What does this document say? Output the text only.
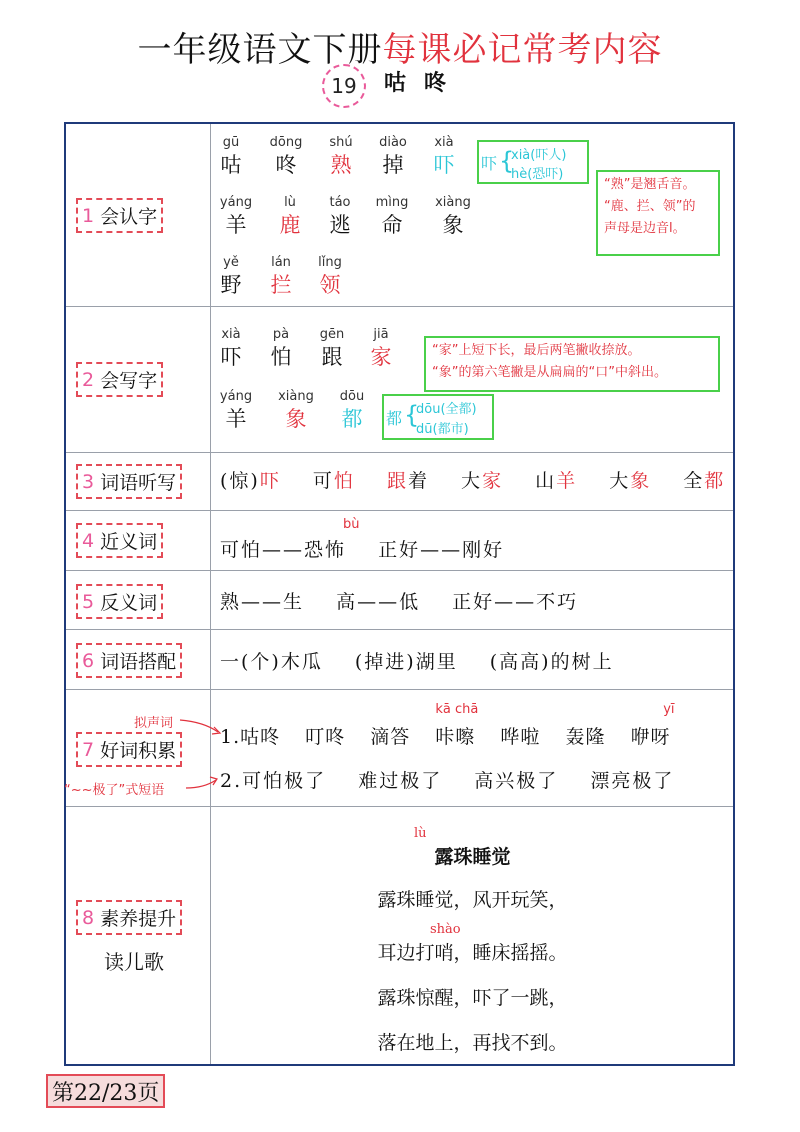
一年级语文下册每课必记常考内容
19	咕咚
1 会认字
2 会写字
3 词语听写
4 近义词
5 反义词
6 词语搭配
7 好词积累
8 素养提升
读儿歌
gū
咕
dōng
咚
shú
熟
diào
掉
xià
吓
yáng
羊
lù
鹿
táo
逃
mìng
命
xiàng
象
yě
野
lán
拦
lǐng
领
吓 {
xià(吓人)
hè(恐吓)
“熟”是翘舌音。
“鹿、拦、领”的
声母是边音l。
xià
吓
pà
怕
gēn
跟
jiā
家
yáng
羊
xiàng
象
dōu
都	都 {
dōu(全都)
dū(都市)
“家”上短下长，最后两笔撇收捺放。
“象”的第六笔撇是从扁扁的“口”中斜出。
(惊)吓 可怕 跟着 大家 山羊 大象 全都
bù
可怕——恐怖 正好——刚好
熟——生 高——低 正好——不巧
一(个)木瓜 (掉进)湖里 (高高)的树上
1.咕咚 叮咚 滴答
kā chā
咔嚓 哗啦 轰隆
yī
咿呀
2.可怕极了 难过极了 高兴极了 漂亮极了
拟声词
“~~极了”式短语
lù
露珠睡觉
露珠睡觉，风开玩笑，
shào
耳边打哨，睡床摇摇。
露珠惊醒，吓了一跳，
落在地上，再找不到。
第22/23页
